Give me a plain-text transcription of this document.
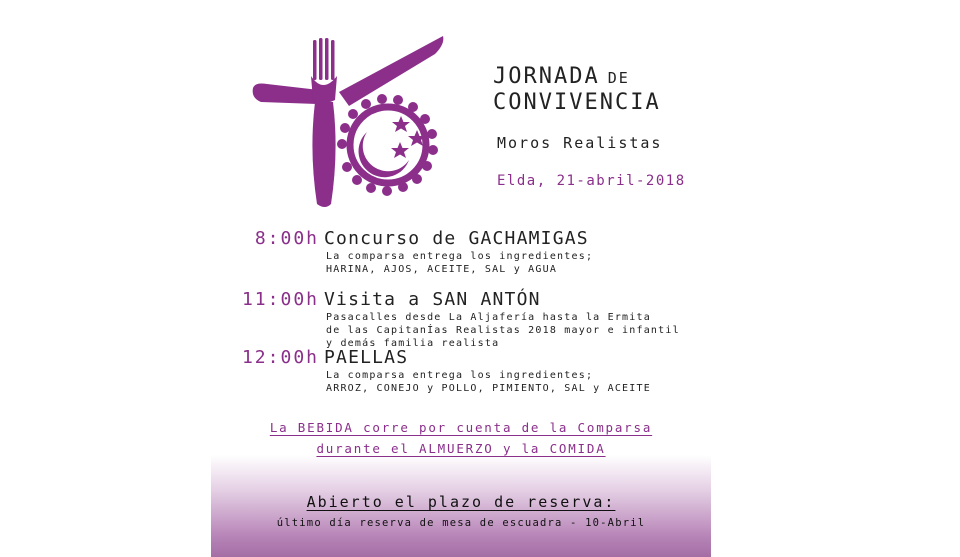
JORNADA DE
CONVIVENCIA
Moros Realistas
Elda, 21-abril-2018
8:00h Concurso de GACHAMIGAS
La comparsa entrega los ingredientes;
HARINA, AJOS, ACEITE, SAL y AGUA
11:00h Visita a SAN ANTÓN
Pasacalles desde La Aljafería hasta la Ermita
de las CapitanÍas Realistas 2018 mayor e infantil
y demás familia realista
12:00h PAELLAS
La comparsa entrega los ingredientes;
ARROZ, CONEJO y POLLO, PIMIENTO, SAL y ACEITE
La BEBIDA corre por cuenta de la Comparsa
durante el ALMUERZO y la COMIDA
Abierto el plazo de reserva:
último día reserva de mesa de escuadra - 10-Abril
